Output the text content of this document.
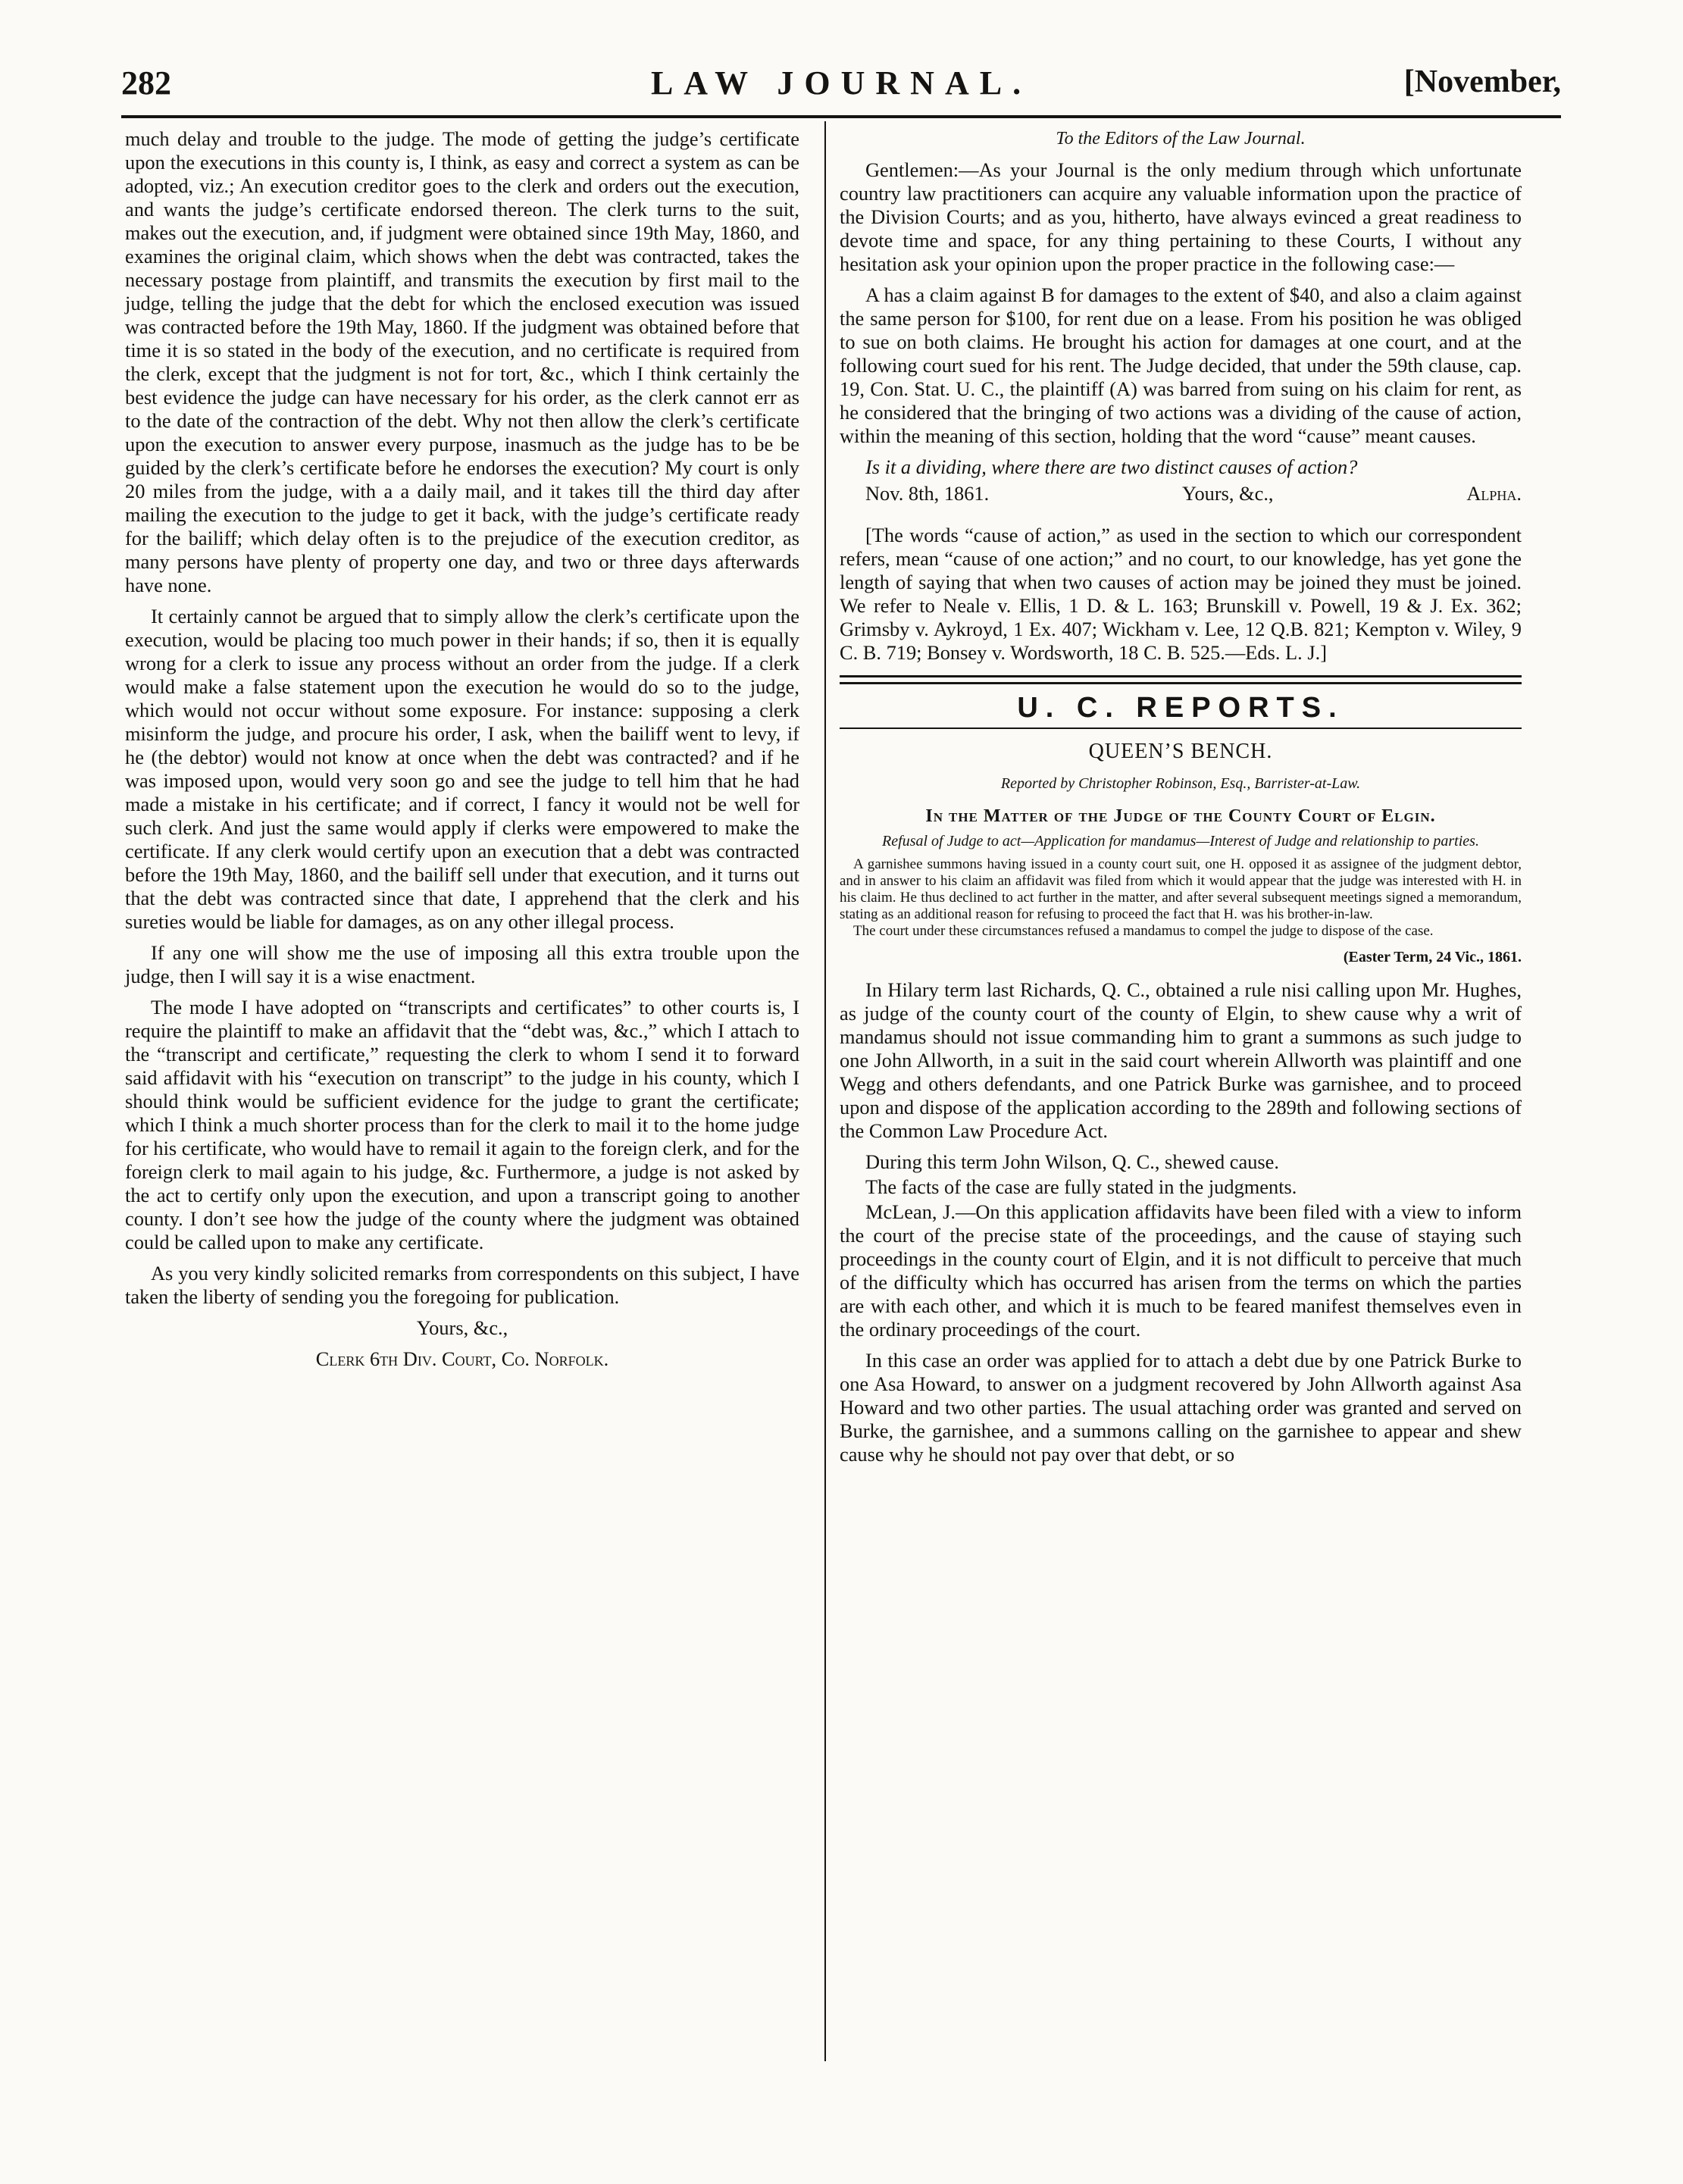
282	LAW JOURNAL.	[November,

much delay and trouble to the judge. The mode of getting the judge’s certificate upon the executions in this county is, I think, as easy and correct a system as can be adopted, viz.; An execution creditor goes to the clerk and orders out the execution, and wants the judge’s certificate endorsed thereon. The clerk turns to the suit, makes out the execution, and, if judgment were obtained since 19th May, 1860, and examines the original claim, which shows when the debt was contracted, takes the necessary postage from plaintiff, and transmits the execution by first mail to the judge, telling the judge that the debt for which the enclosed execution was issued was contracted before the 19th May, 1860. If the judgment was obtained before that time it is so stated in the body of the execution, and no certificate is required from the clerk, except that the judgment is not for tort, &c., which I think certainly the best evidence the judge can have necessary for his order, as the clerk cannot err as to the date of the contraction of the debt. Why not then allow the clerk’s certificate upon the execution to answer every purpose, inasmuch as the judge has to be be guided by the clerk’s certificate before he endorses the execution? My court is only 20 miles from the judge, with a a daily mail, and it takes till the third day after mailing the execution to the judge to get it back, with the judge’s certificate ready for the bailiff; which delay often is to the prejudice of the execution creditor, as many persons have plenty of property one day, and two or three days afterwards have none.

It certainly cannot be argued that to simply allow the clerk’s certificate upon the execution, would be placing too much power in their hands; if so, then it is equally wrong for a clerk to issue any process without an order from the judge. If a clerk would make a false statement upon the execution he would do so to the judge, which would not occur without some exposure. For instance: supposing a clerk misinform the judge, and procure his order, I ask, when the bailiff went to levy, if he (the debtor) would not know at once when the debt was contracted? and if he was imposed upon, would very soon go and see the judge to tell him that he had made a mistake in his certificate; and if correct, I fancy it would not be well for such clerk. And just the same would apply if clerks were empowered to make the certificate. If any clerk would certify upon an execution that a debt was contracted before the 19th May, 1860, and the bailiff sell under that execution, and it turns out that the debt was contracted since that date, I apprehend that the clerk and his sureties would be liable for damages, as on any other illegal process.

If any one will show me the use of imposing all this extra trouble upon the judge, then I will say it is a wise enactment.

The mode I have adopted on “transcripts and certificates” to other courts is, I require the plaintiff to make an affidavit that the “debt was, &c.,” which I attach to the “transcript and certificate,” requesting the clerk to whom I send it to forward said affidavit with his “execution on transcript” to the judge in his county, which I should think would be sufficient evidence for the judge to grant the certificate; which I think a much shorter process than for the clerk to mail it to the home judge for his certificate, who would have to remail it again to the foreign clerk, and for the foreign clerk to mail again to his judge, &c. Furthermore, a judge is not asked by the act to certify only upon the execution, and upon a transcript going to another county. I don’t see how the judge of the county where the judgment was obtained could be called upon to make any certificate.

As you very kindly solicited remarks from correspondents on this subject, I have taken the liberty of sending you the foregoing for publication.

Yours, &c.,

Clerk 6th Div. Court, Co. Norfolk.

To the Editors of the Law Journal.

Gentlemen:—As your Journal is the only medium through which unfortunate country law practitioners can acquire any valuable information upon the practice of the Division Courts; and as you, hitherto, have always evinced a great readiness to devote time and space, for any thing pertaining to these Courts, I without any hesitation ask your opinion upon the proper practice in the following case:—

A has a claim against B for damages to the extent of $40, and also a claim against the same person for $100, for rent due on a lease. From his position he was obliged to sue on both claims. He brought his action for damages at one court, and at the following court sued for his rent. The Judge decided, that under the 59th clause, cap. 19, Con. Stat. U. C., the plaintiff (A) was barred from suing on his claim for rent, as he considered that the bringing of two actions was a dividing of the cause of action, within the meaning of this section, holding that the word “cause” meant causes.

Is it a dividing, where there are two distinct causes of action?

Nov. 8th, 1861.	Yours, &c.,	Alpha.

[The words “cause of action,” as used in the section to which our correspondent refers, mean “cause of one action;” and no court, to our knowledge, has yet gone the length of saying that when two causes of action may be joined they must be joined. We refer to Neale v. Ellis, 1 D. & L. 163; Brunskill v. Powell, 19 & J. Ex. 362; Grimsby v. Aykroyd, 1 Ex. 407; Wickham v. Lee, 12 Q.B. 821; Kempton v. Wiley, 9 C. B. 719; Bonsey v. Wordsworth, 18 C. B. 525.—Eds. L. J.]

U. C. REPORTS.
QUEEN’S BENCH.
Reported by Christopher Robinson, Esq., Barrister-at-Law.
In the Matter of the Judge of the County Court of Elgin.
Refusal of Judge to act—Application for mandamus—Interest of Judge and relationship to parties.

A garnishee summons having issued in a county court suit, one H. opposed it as assignee of the judgment debtor, and in answer to his claim an affidavit was filed from which it would appear that the judge was interested with H. in his claim. He thus declined to act further in the matter, and after several subsequent meetings signed a memorandum, stating as an additional reason for refusing to proceed the fact that H. was his brother-in-law.

The court under these circumstances refused a mandamus to compel the judge to dispose of the case.

(Easter Term, 24 Vic., 1861.

In Hilary term last Richards, Q. C., obtained a rule nisi calling upon Mr. Hughes, as judge of the county court of the county of Elgin, to shew cause why a writ of mandamus should not issue commanding him to grant a summons as such judge to one John Allworth, in a suit in the said court wherein Allworth was plaintiff and one Wegg and others defendants, and one Patrick Burke was garnishee, and to proceed upon and dispose of the application according to the 289th and following sections of the Common Law Procedure Act.

During this term John Wilson, Q. C., shewed cause.

The facts of the case are fully stated in the judgments.

McLean, J.—On this application affidavits have been filed with a view to inform the court of the precise state of the proceedings, and the cause of staying such proceedings in the county court of Elgin, and it is not difficult to perceive that much of the difficulty which has occurred has arisen from the terms on which the parties are with each other, and which it is much to be feared manifest themselves even in the ordinary proceedings of the court.

In this case an order was applied for to attach a debt due by one Patrick Burke to one Asa Howard, to answer on a judgment recovered by John Allworth against Asa Howard and two other parties. The usual attaching order was granted and served on Burke, the garnishee, and a summons calling on the garnishee to appear and shew cause why he should not pay over that debt, or so
